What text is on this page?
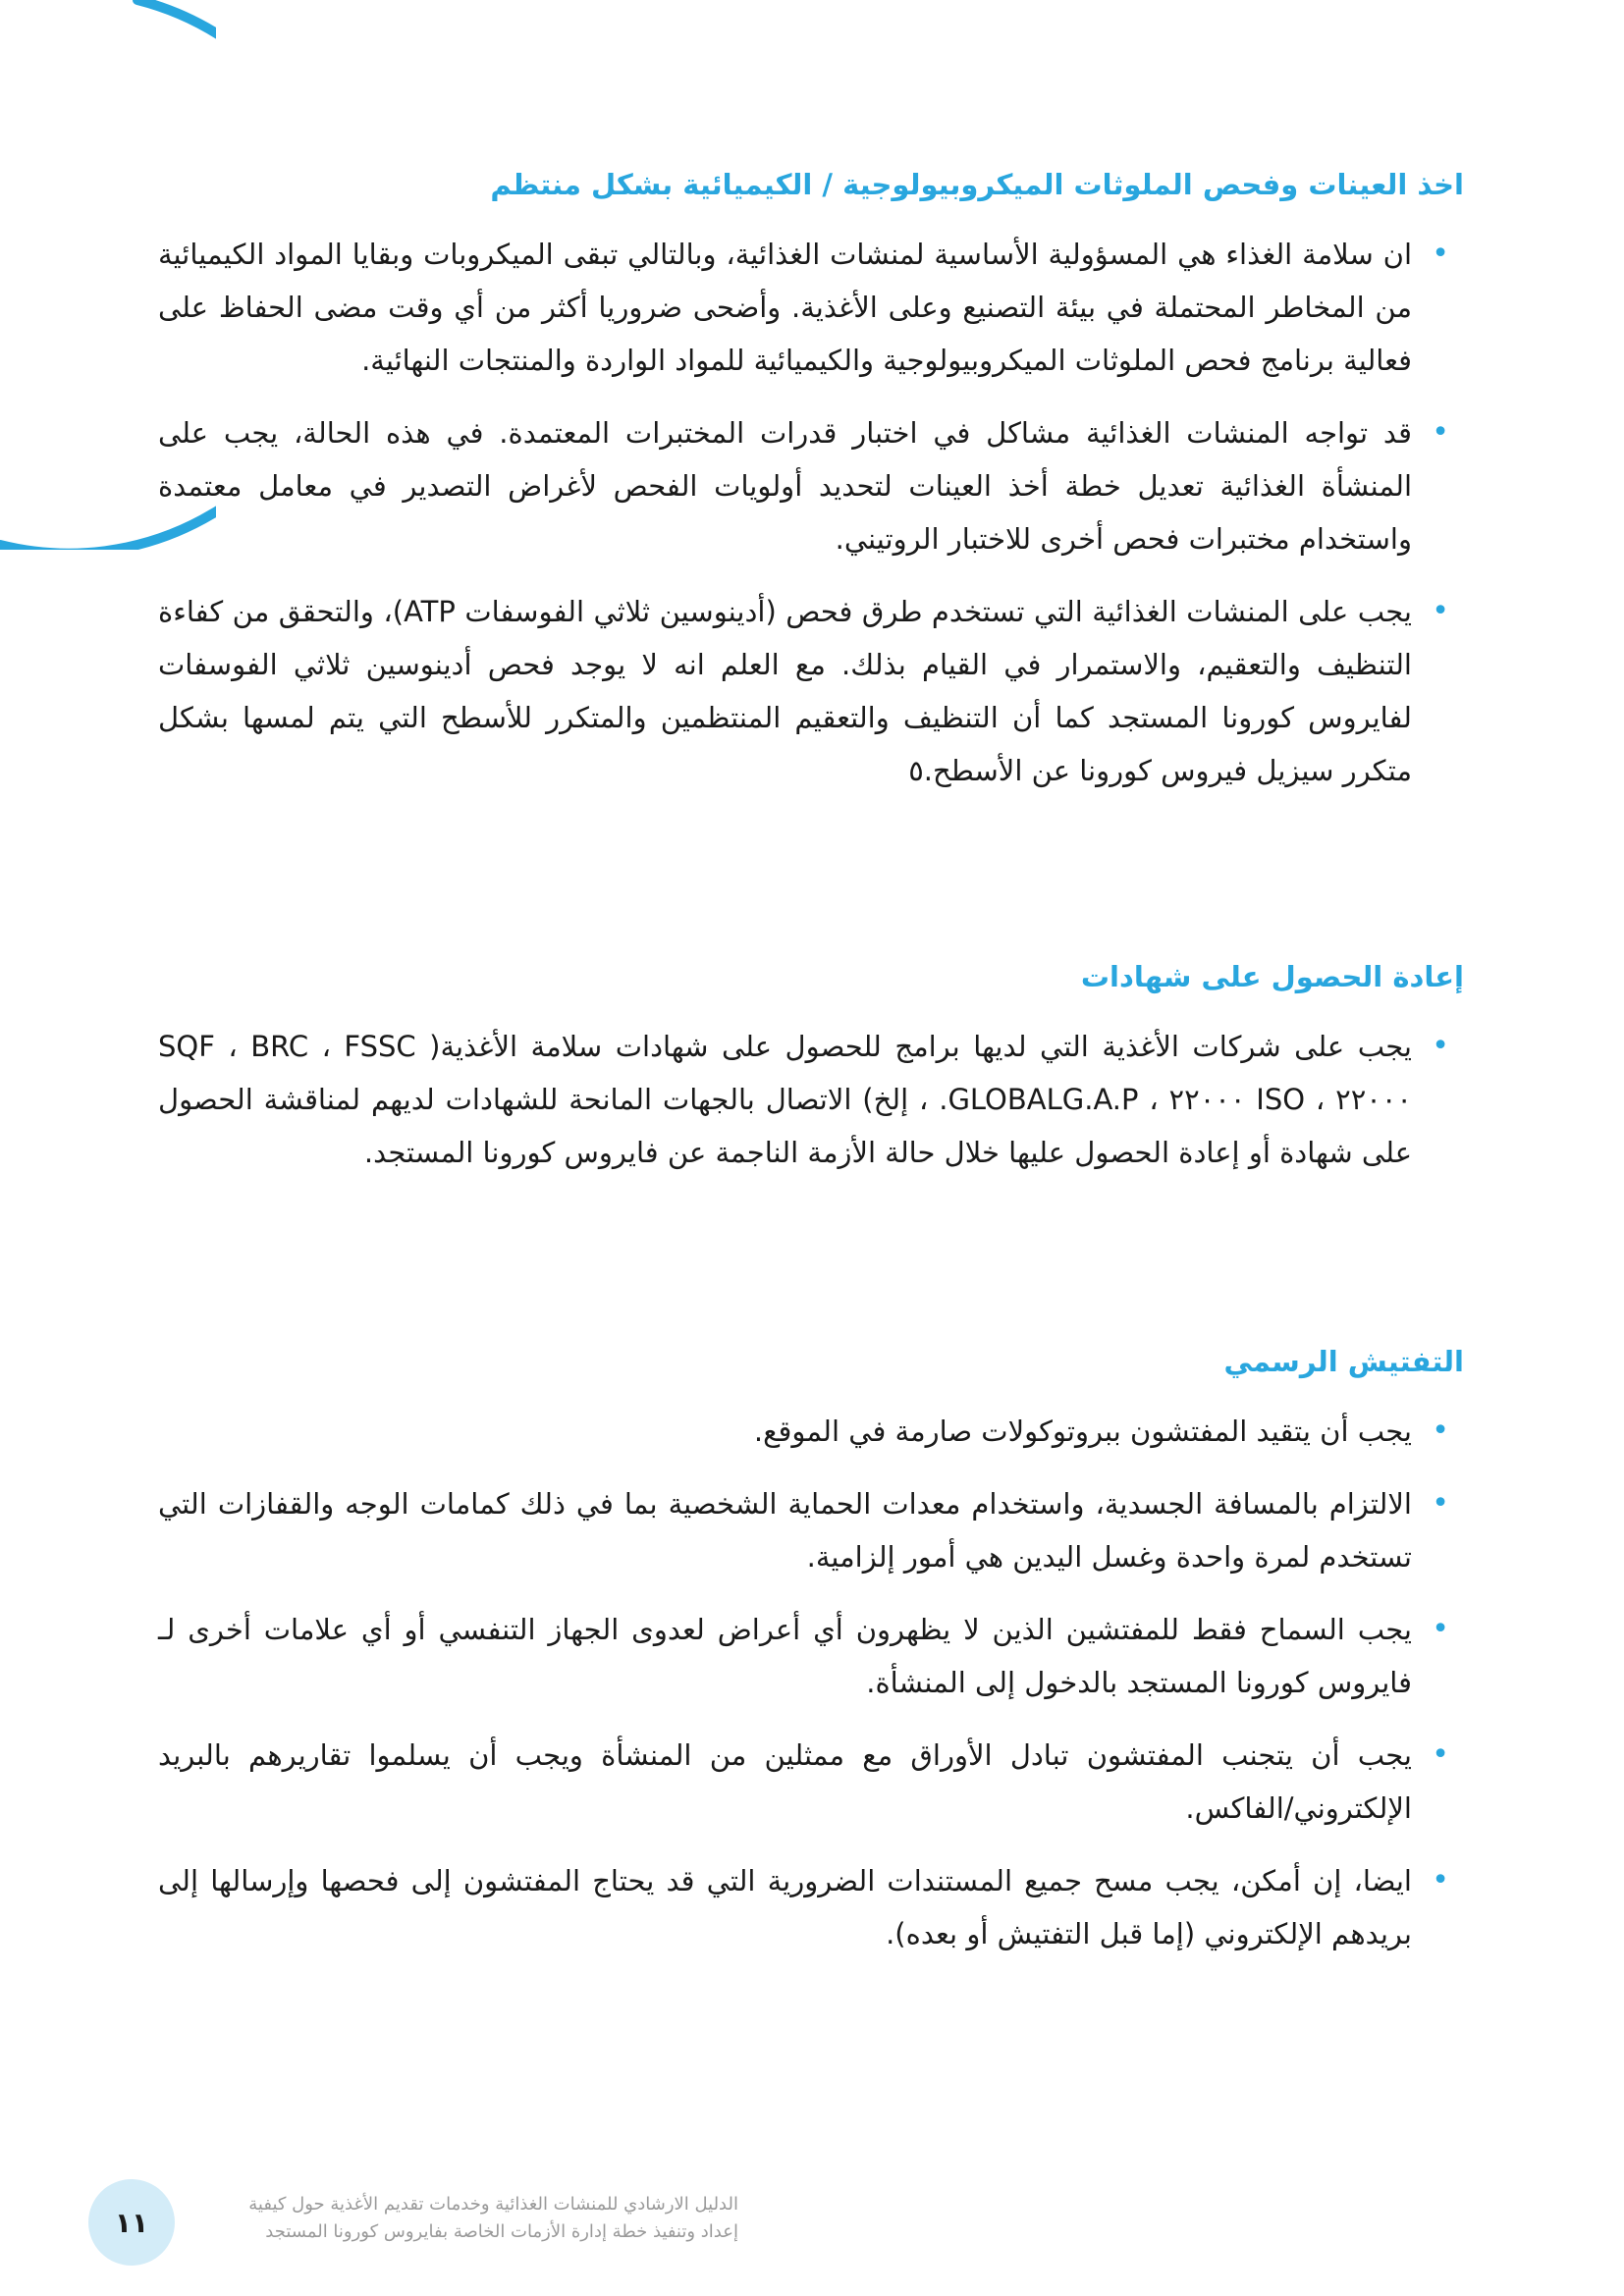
اخذ العينات وفحص الملوثات الميكروبيولوجية / الكيميائية بشكل منتظم
•
ان سلامة الغذاء هي المسؤولية الأساسية لمنشات الغذائية، وبالتالي تبقى الميكروبات وبقايا المواد الكيميائية من المخاطر المحتملة في بيئة التصنيع وعلى الأغذية. وأضحى ضروريا أكثر من أي وقت مضى الحفاظ على فعالية برنامج فحص الملوثات الميكروبيولوجية والكيميائية للمواد الواردة والمنتجات النهائية.
•
قد تواجه المنشات الغذائية مشاكل في اختبار قدرات المختبرات المعتمدة. في هذه الحالة، يجب على المنشأة الغذائية تعديل خطة أخذ العينات لتحديد أولويات الفحص لأغراض التصدير في معامل معتمدة واستخدام مختبرات فحص أخرى للاختبار الروتيني.
•
يجب على المنشات الغذائية التي تستخدم طرق فحص (أدينوسين ثلاثي الفوسفات ATP)، والتحقق من كفاءة التنظيف والتعقيم، والاستمرار في القيام بذلك. مع العلم انه لا يوجد فحص أدينوسين ثلاثي الفوسفات لفايروس كورونا المستجد كما أن التنظيف والتعقيم المنتظمين والمتكرر للأسطح التي يتم لمسها بشكل متكرر سيزيل فيروس كورونا عن الأسطح.٥
إعادة الحصول على شهادات
•
يجب على شركات الأغذية التي لديها برامج للحصول على شهادات سلامة الأغذية( SQF ، BRC ، FSSC ٢٢٠٠٠ ، ISO ٢٢٠٠٠ ، GLOBALG.A.P. ، إلخ) الاتصال بالجهات المانحة للشهادات لديهم لمناقشة الحصول على شهادة أو إعادة الحصول عليها خلال حالة الأزمة الناجمة عن فايروس كورونا المستجد.
التفتيش الرسمي
•
يجب أن يتقيد المفتشون ببروتوكولات صارمة في الموقع.
•
الالتزام بالمسافة الجسدية، واستخدام معدات الحماية الشخصية بما في ذلك كمامات الوجه والقفازات التي تستخدم لمرة واحدة وغسل اليدين هي أمور إلزامية.
•
يجب السماح فقط للمفتشين الذين لا يظهرون أي أعراض لعدوى الجهاز التنفسي أو أي علامات أخرى لـ فايروس كورونا المستجد بالدخول إلى المنشأة.
•
يجب أن يتجنب المفتشون تبادل الأوراق مع ممثلين من المنشأة ويجب أن يسلموا تقاريرهم بالبريد الإلكتروني/الفاكس.
•
ايضا، إن أمكن، يجب مسح جميع المستندات الضرورية التي قد يحتاج المفتشون إلى فحصها وإرسالها إلى بريدهم الإلكتروني (إما قبل التفتيش أو بعده).
١١
الدليل الارشادي للمنشات الغذائية وخدمات تقديم الأغذية حول كيفية
إعداد وتنفيذ خطة إدارة الأزمات الخاصة بفايروس كورونا المستجد
